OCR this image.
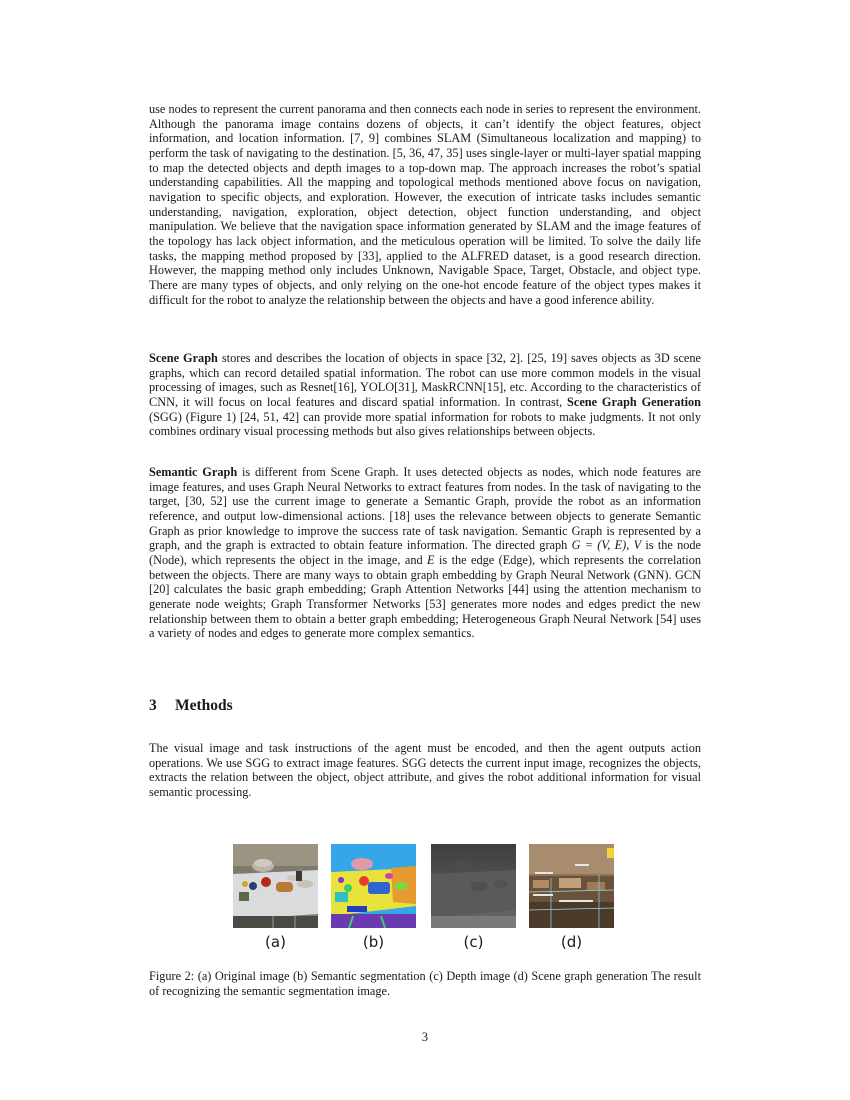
use nodes to represent the current panorama and then connects each node in series to represent the environment. Although the panorama image contains dozens of objects, it can’t identify the object features, object information, and location information. [7, 9] combines SLAM (Simultaneous localization and mapping) to perform the task of navigating to the destination. [5, 36, 47, 35] uses single-layer or multi-layer spatial mapping to map the detected objects and depth images to a top-down map. The approach increases the robot’s spatial understanding capabilities. All the mapping and topological methods mentioned above focus on navigation, navigation to specific objects, and exploration. However, the execution of intricate tasks includes semantic understanding, navigation, exploration, object detection, object function understanding, and object manipulation. We believe that the navigation space information generated by SLAM and the image features of the topology has lack object information, and the meticulous operation will be limited. To solve the daily life tasks, the mapping method proposed by [33], applied to the ALFRED dataset, is a good research direction. However, the mapping method only includes Unknown, Navigable Space, Target, Obstacle, and object type. There are many types of objects, and only relying on the one-hot encode feature of the object types makes it difficult for the robot to analyze the relationship between the objects and have a good inference ability.
Scene Graph stores and describes the location of objects in space [32, 2]. [25, 19] saves objects as 3D scene graphs, which can record detailed spatial information. The robot can use more common models in the visual processing of images, such as Resnet[16], YOLO[31], MaskRCNN[15], etc. According to the characteristics of CNN, it will focus on local features and discard spatial information. In contrast, Scene Graph Generation (SGG) (Figure 1) [24, 51, 42] can provide more spatial information for robots to make judgments. It not only combines ordinary visual processing methods but also gives relationships between objects.
Semantic Graph is different from Scene Graph. It uses detected objects as nodes, which node features are image features, and uses Graph Neural Networks to extract features from nodes. In the task of navigating to the target, [30, 52] use the current image to generate a Semantic Graph, provide the robot as an information reference, and output low-dimensional actions. [18] uses the relevance between objects to generate Semantic Graph as prior knowledge to improve the success rate of task navigation. Semantic Graph is represented by a graph, and the graph is extracted to obtain feature information. The directed graph G = (V, E), V is the node (Node), which represents the object in the image, and E is the edge (Edge), which represents the correlation between the objects. There are many ways to obtain graph embedding by Graph Neural Network (GNN). GCN [20] calculates the basic graph embedding; Graph Attention Networks [44] using the attention mechanism to generate node weights; Graph Transformer Networks [53] generates more nodes and edges predict the new relationship between them to obtain a better graph embedding; Heterogeneous Graph Neural Network [54] uses a variety of nodes and edges to generate more complex semantics.
3 Methods
The visual image and task instructions of the agent must be encoded, and then the agent outputs action operations. We use SGG to extract image features. SGG detects the current input image, recognizes the objects, extracts the relation between the object, object attribute, and gives the robot additional information for visual semantic processing.
(a)	(b)	(c)	(d)
Figure 2: (a) Original image (b) Semantic segmentation (c) Depth image (d) Scene graph generation The result of recognizing the semantic segmentation image.
3
